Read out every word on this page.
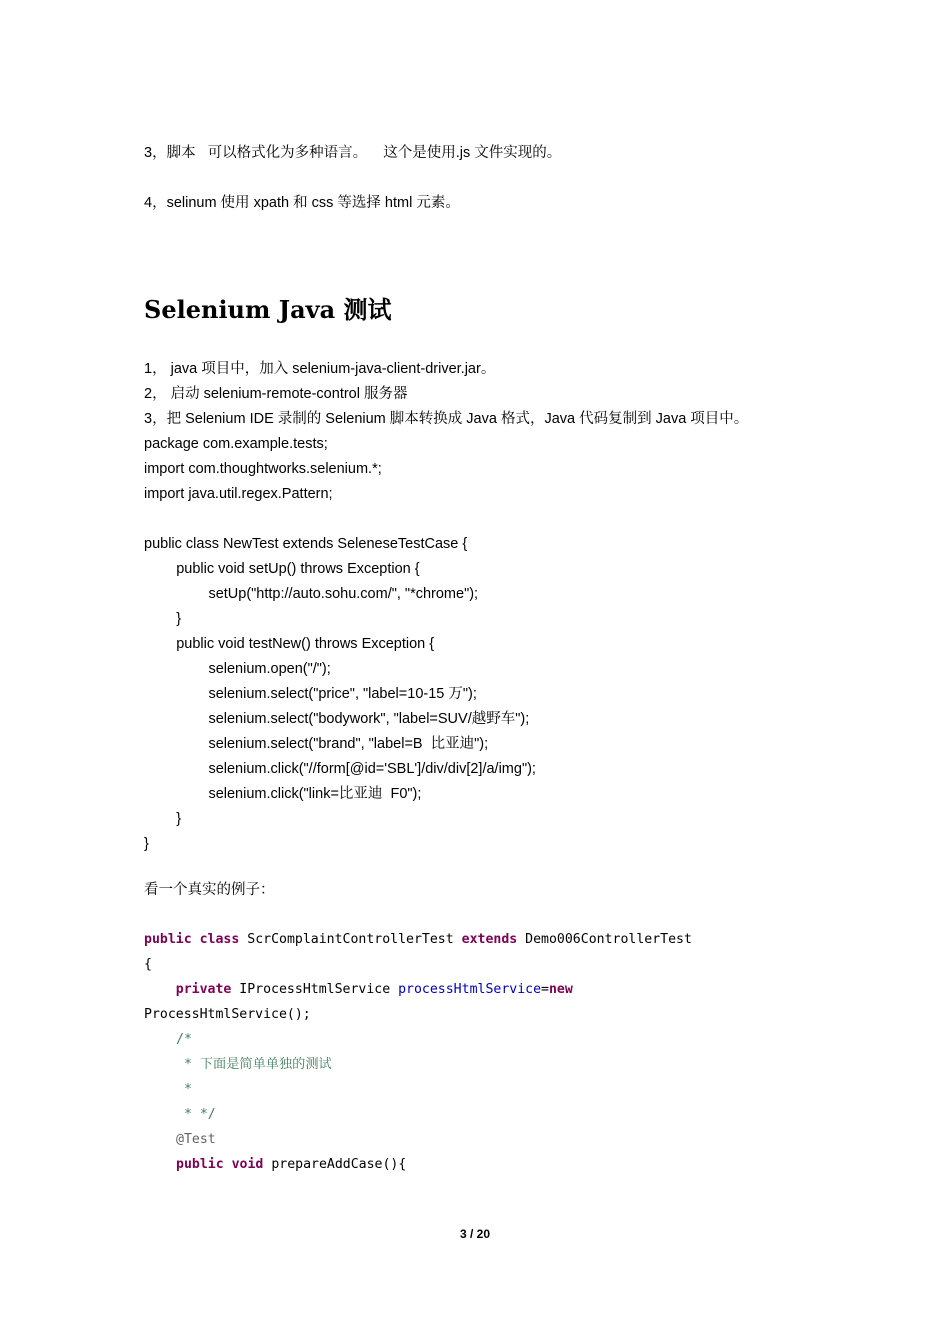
3，脚本   可以格式化为多种语言。    这个是使用.js 文件实现的。
4，selinum 使用 xpath 和 css 等选择 html 元素。
Selenium Java 测试
1， java 项目中，加入 selenium-java-client-driver.jar。
2， 启动 selenium-remote-control 服务器
3，把 Selenium IDE 录制的 Selenium 脚本转换成 Java 格式，Java 代码复制到 Java 项目中。
package com.example.tests;
import com.thoughtworks.selenium.*;
import java.util.regex.Pattern;
public class NewTest extends SeleneseTestCase {
public void setUp() throws Exception {
setUp("http://auto.sohu.com/", "*chrome");
}
public void testNew() throws Exception {
selenium.open("/");
selenium.select("price", "label=10-15 万");
selenium.select("bodywork", "label=SUV/越野车");
selenium.select("brand", "label=B  比亚迪");
selenium.click("//form[@id='SBL']/div/div[2]/a/img");
selenium.click("link=比亚迪  F0");
}
}
看一个真实的例子：
public class ScrComplaintControllerTest extends Demo006ControllerTest
{
private IProcessHtmlService processHtmlService=new
ProcessHtmlService();
/*
* 下面是简单单独的测试
*
* */
@Test
public void prepareAddCase(){
3 / 20
